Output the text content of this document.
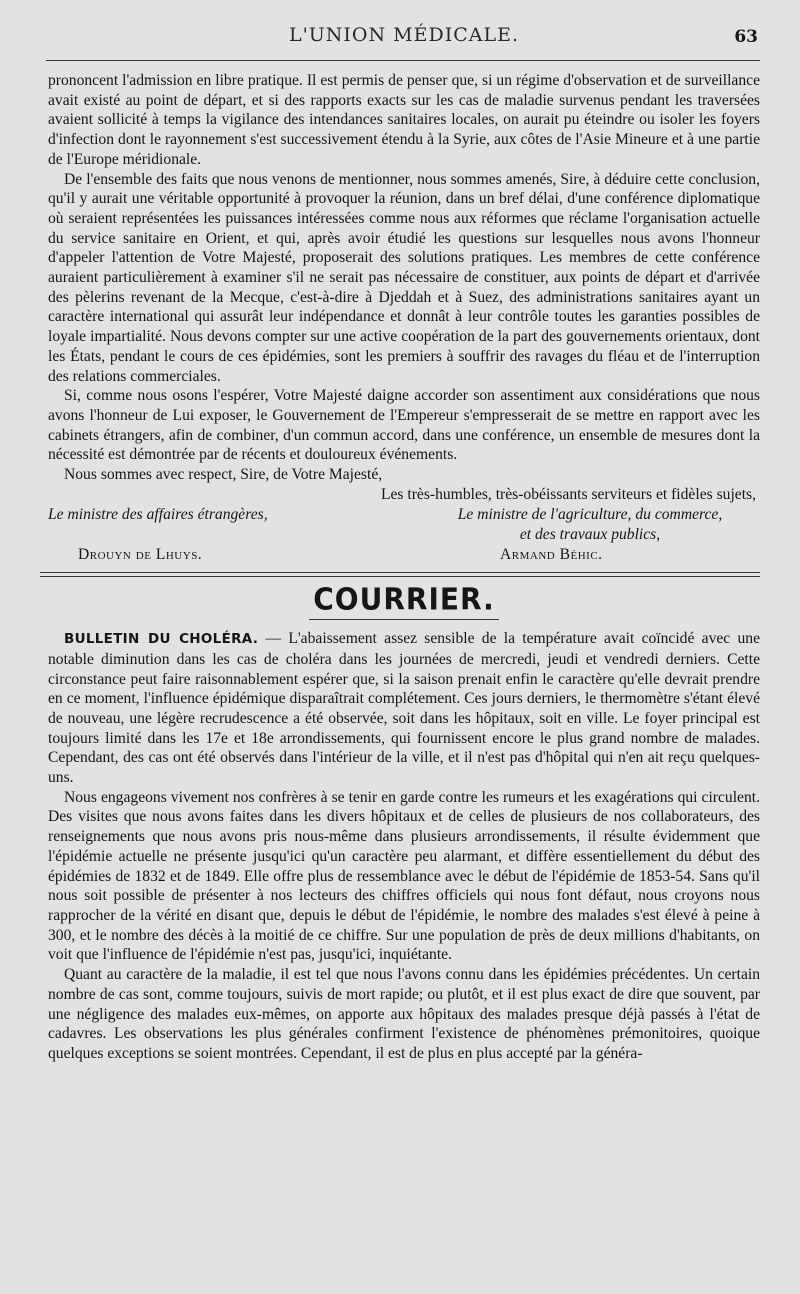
L'UNION MÉDICALE.	63

prononcent l'admission en libre pratique. Il est permis de penser que, si un régime d'observation et de surveillance avait existé au point de départ, et si des rapports exacts sur les cas de maladie survenus pendant les traversées avaient sollicité à temps la vigilance des intendances sanitaires locales, on aurait pu éteindre ou isoler les foyers d'infection dont le rayonnement s'est successivement étendu à la Syrie, aux côtes de l'Asie Mineure et à une partie de l'Europe méridionale.

De l'ensemble des faits que nous venons de mentionner, nous sommes amenés, Sire, à déduire cette conclusion, qu'il y aurait une véritable opportunité à provoquer la réunion, dans un bref délai, d'une conférence diplomatique où seraient représentées les puissances intéressées comme nous aux réformes que réclame l'organisation actuelle du service sanitaire en Orient, et qui, après avoir étudié les questions sur lesquelles nous avons l'honneur d'appeler l'attention de Votre Majesté, proposerait des solutions pratiques. Les membres de cette conférence auraient particulièrement à examiner s'il ne serait pas nécessaire de constituer, aux points de départ et d'arrivée des pèlerins revenant de la Mecque, c'est-à-dire à Djeddah et à Suez, des administrations sanitaires ayant un caractère international qui assurât leur indépendance et donnât à leur contrôle toutes les garanties possibles de loyale impartialité. Nous devons compter sur une active coopération de la part des gouvernements orientaux, dont les États, pendant le cours de ces épidémies, sont les premiers à souffrir des ravages du fléau et de l'interruption des relations commerciales.

Si, comme nous osons l'espérer, Votre Majesté daigne accorder son assentiment aux considérations que nous avons l'honneur de Lui exposer, le Gouvernement de l'Empereur s'empresserait de se mettre en rapport avec les cabinets étrangers, afin de combiner, d'un commun accord, dans une conférence, un ensemble de mesures dont la nécessité est démontrée par de récents et douloureux événements.

Nous sommes avec respect, Sire, de Votre Majesté,

Les très-humbles, très-obéissants serviteurs et fidèles sujets,
Le ministre des affaires étrangères,	Le ministre de l'agriculture, du commerce,
et des travaux publics,
Drouyn de Lhuys.	Armand Béhic.
COURRIER.

BULLETIN DU CHOLÉRA. — L'abaissement assez sensible de la température avait coïncidé avec une notable diminution dans les cas de choléra dans les journées de mercredi, jeudi et vendredi derniers. Cette circonstance peut faire raisonnablement espérer que, si la saison prenait enfin le caractère qu'elle devrait prendre en ce moment, l'influence épidémique disparaîtrait complétement. Ces jours derniers, le thermomètre s'étant élevé de nouveau, une légère recrudescence a été observée, soit dans les hôpitaux, soit en ville. Le foyer principal est toujours limité dans les 17e et 18e arrondissements, qui fournissent encore le plus grand nombre de malades. Cependant, des cas ont été observés dans l'intérieur de la ville, et il n'est pas d'hôpital qui n'en ait reçu quelques-uns.

Nous engageons vivement nos confrères à se tenir en garde contre les rumeurs et les exagérations qui circulent. Des visites que nous avons faites dans les divers hôpitaux et de celles de plusieurs de nos collaborateurs, des renseignements que nous avons pris nous-même dans plusieurs arrondissements, il résulte évidemment que l'épidémie actuelle ne présente jusqu'ici qu'un caractère peu alarmant, et diffère essentiellement du début des épidémies de 1832 et de 1849. Elle offre plus de ressemblance avec le début de l'épidémie de 1853-54. Sans qu'il nous soit possible de présenter à nos lecteurs des chiffres officiels qui nous font défaut, nous croyons nous rapprocher de la vérité en disant que, depuis le début de l'épidémie, le nombre des malades s'est élevé à peine à 300, et le nombre des décès à la moitié de ce chiffre. Sur une population de près de deux millions d'habitants, on voit que l'influence de l'épidémie n'est pas, jusqu'ici, inquiétante.

Quant au caractère de la maladie, il est tel que nous l'avons connu dans les épidémies précédentes. Un certain nombre de cas sont, comme toujours, suivis de mort rapide; ou plutôt, et il est plus exact de dire que souvent, par une négligence des malades eux-mêmes, on apporte aux hôpitaux des malades presque déjà passés à l'état de cadavres. Les observations les plus générales confirment l'existence de phénomènes prémonitoires, quoique quelques exceptions se soient montrées. Cependant, il est de plus en plus accepté par la généra-
